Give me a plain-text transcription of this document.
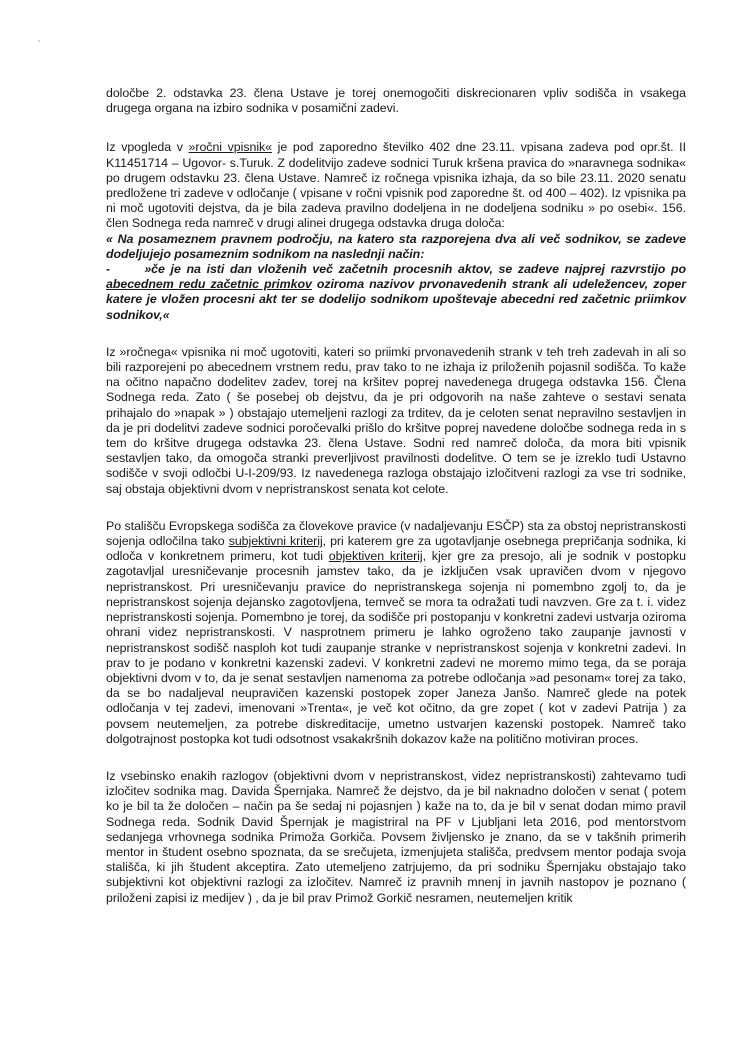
določbe 2. odstavka 23. člena Ustave je torej onemogočiti diskrecionaren vpliv sodišča in vsakega drugega organa na izbiro sodnika v posamični zadevi.

Iz vpogleda v »ročni vpisnik« je pod zaporedno številko 402 dne 23.11. vpisana zadeva pod opr.št. II K11451714 – Ugovor- s.Turuk. Z dodelitvijo zadeve sodnici Turuk kršena pravica do »naravnega sodnika« po drugem odstavku 23. člena Ustave. Namreč iz ročnega vpisnika izhaja, da so bile 23.11. 2020 senatu predložene tri zadeve v odločanje ( vpisane v ročni vpisnik pod zaporedne št. od 400 – 402). Iz vpisnika pa ni moč ugotoviti dejstva, da je bila zadeva pravilno dodeljena in ne dodeljena sodniku » po osebi«. 156. člen Sodnega reda namreč v drugi alinei drugega odstavka druga določa:
« Na posameznem pravnem področju, na katero sta razporejena dva ali več sodnikov, se zadeve dodeljujejo posameznim sodnikom na naslednji način:
-	»če je na isti dan vloženih več začetnih procesnih aktov, se zadeve najprej razvrstijo po abecednem redu začetnic primkov oziroma nazivov prvonavedenih strank ali udeležencev, zoper katere je vložen procesni akt ter se dodelijo sodnikom upoštevaje abecedni red začetnic priimkov sodnikov,«

Iz »ročnega« vpisnika ni moč ugotoviti, kateri so priimki prvonavedenih strank v teh treh zadevah in ali so bili razporejeni po abecednem vrstnem redu, prav tako to ne izhaja iz priloženih pojasnil sodišča. To kaže na očitno napačno dodelitev zadev, torej na kršitev poprej navedenega drugega odstavka 156. Člena Sodnega reda. Zato ( še posebej ob dejstvu, da je pri odgovorih na naše zahteve o sestavi senata prihajalo do »napak » ) obstajajo utemeljeni razlogi za trditev, da je celoten senat nepravilno sestavljen in da je pri dodelitvi zadeve sodnici poročevalki prišlo do kršitve poprej navedene določbe sodnega reda in s tem do kršitve drugega odstavka 23. člena Ustave. Sodni red namreč določa, da mora biti vpisnik sestavljen tako, da omogoča stranki preverljivost pravilnosti dodelitve. O tem se je izreklo tudi Ustavno sodišče v svoji odločbi U-I-209/93. Iz navedenega razloga obstajajo izločitveni razlogi za vse tri sodnike, saj obstaja objektivni dvom v nepristranskost senata kot celote.

Po stališču Evropskega sodišča za človekove pravice (v nadaljevanju ESČP) sta za obstoj nepristranskosti sojenja odločilna tako subjektivni kriterij, pri katerem gre za ugotavljanje osebnega prepričanja sodnika, ki odloča v konkretnem primeru, kot tudi objektiven kriterij, kjer gre za presojo, ali je sodnik v postopku zagotavljal uresničevanje procesnih jamstev tako, da je izključen vsak upravičen dvom v njegovo nepristranskost. Pri uresničevanju pravice do nepristranskega sojenja ni pomembno zgolj to, da je nepristranskost sojenja dejansko zagotovljena, temveč se mora ta odražati tudi navzven. Gre za t. i. videz nepristranskosti sojenja. Pomembno je torej, da sodišče pri postopanju v konkretni zadevi ustvarja oziroma ohrani videz nepristranskosti. V nasprotnem primeru je lahko ogroženo tako zaupanje javnosti v nepristranskost sodišč nasploh kot tudi zaupanje stranke v nepristranskost sojenja v konkretni zadevi. In prav to je podano v konkretni kazenski zadevi. V konkretni zadevi ne moremo mimo tega, da se poraja objektivni dvom v to, da je senat sestavljen namenoma za potrebe odločanja »ad pesonam« torej za tako, da se bo nadaljeval neupravičen kazenski postopek zoper Janeza Janšo. Namreč glede na potek odločanja v tej zadevi, imenovani »Trenta«, je več kot očitno, da gre zopet ( kot v zadevi Patrija ) za povsem neutemeljen, za potrebe diskreditacije, umetno ustvarjen kazenski postopek. Namreč tako dolgotrajnost postopka kot tudi odsotnost vsakakršnih dokazov kaže na politično motiviran proces.

Iz vsebinsko enakih razlogov (objektivni dvom v nepristranskost, videz nepristranskosti) zahtevamo tudi izločitev sodnika mag. Davida Špernjaka. Namreč že dejstvo, da je bil naknadno določen v senat ( potem ko je bil ta že določen – način pa še sedaj ni pojasnjen ) kaže na to, da je bil v senat dodan mimo pravil Sodnega reda. Sodnik David Špernjak je magistriral na PF v Ljubljani leta 2016, pod mentorstvom sedanjega vrhovnega sodnika Primoža Gorkiča. Povsem življensko je znano, da se v takšnih primerih mentor in študent osebno spoznata, da se srečujeta, izmenjujeta stališča, predvsem mentor podaja svoja stališča, ki jih študent akceptira. Zato utemeljeno zatrjujemo, da pri sodniku Špernjaku obstajajo tako subjektivni kot objektivni razlogi za izločitev. Namreč iz pravnih mnenj in javnih nastopov je poznano ( priloženi zapisi iz medijev ) , da je bil prav Primož Gorkič nesramen, neutemeljen kritik
